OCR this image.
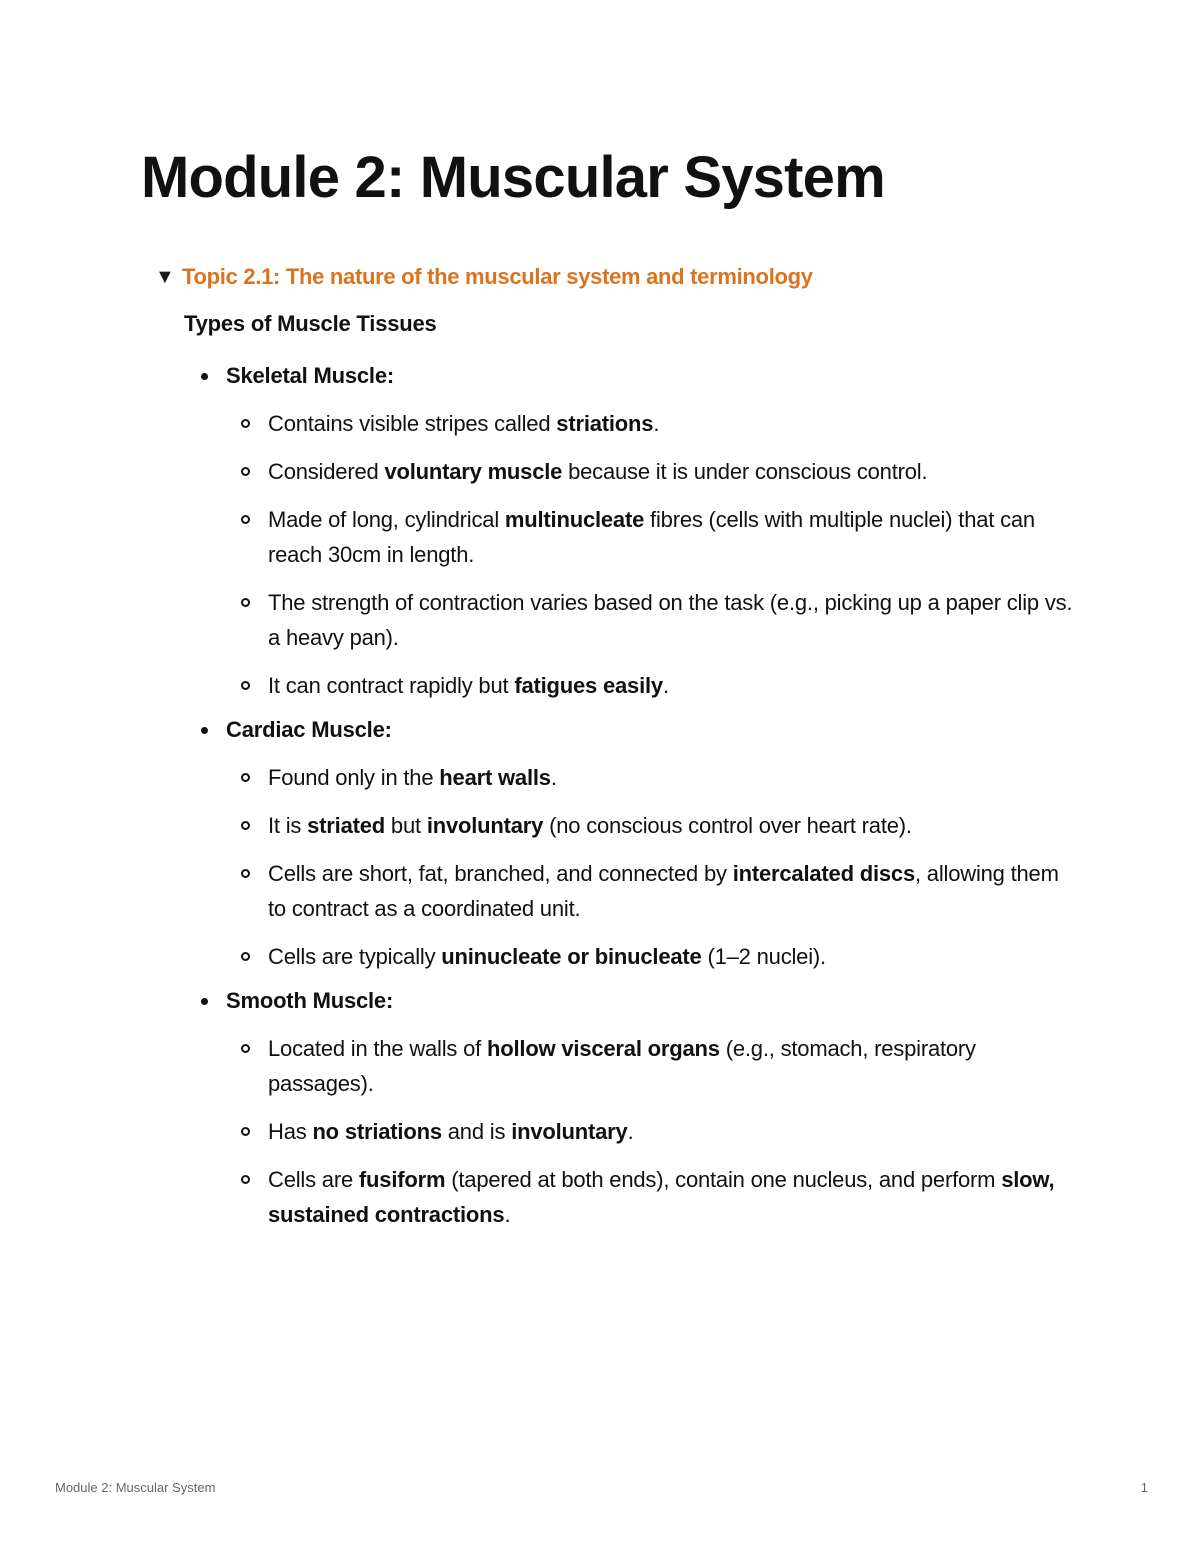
Module 2: Muscular System
▼ Topic 2.1: The nature of the muscular system and terminology
Types of Muscle Tissues
Skeletal Muscle:
Contains visible stripes called striations.
Considered voluntary muscle because it is under conscious control.
Made of long, cylindrical multinucleate fibres (cells with multiple nuclei) that can reach 30cm in length.
The strength of contraction varies based on the task (e.g., picking up a paper clip vs. a heavy pan).
It can contract rapidly but fatigues easily.
Cardiac Muscle:
Found only in the heart walls.
It is striated but involuntary (no conscious control over heart rate).
Cells are short, fat, branched, and connected by intercalated discs, allowing them to contract as a coordinated unit.
Cells are typically uninucleate or binucleate (1–2 nuclei).
Smooth Muscle:
Located in the walls of hollow visceral organs (e.g., stomach, respiratory passages).
Has no striations and is involuntary.
Cells are fusiform (tapered at both ends), contain one nucleus, and perform slow, sustained contractions.
Module 2: Muscular System	1
